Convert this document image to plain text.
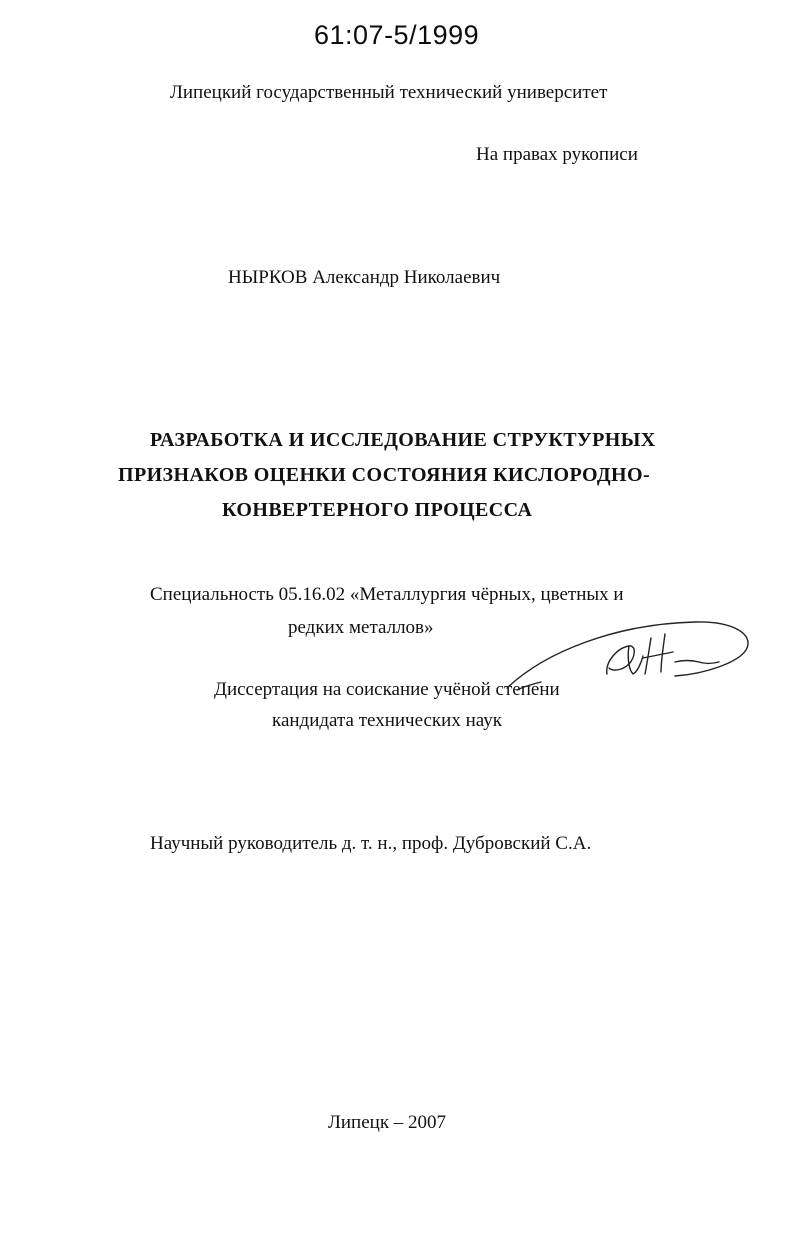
61:07-5/1999
Липецкий государственный технический университет
На правах рукописи
НЫРКОВ Александр Николаевич
РАЗРАБОТКА И ИССЛЕДОВАНИЕ СТРУКТУРНЫХ
ПРИЗНАКОВ ОЦЕНКИ СОСТОЯНИЯ КИСЛОРОДНО-
КОНВЕРТЕРНОГО ПРОЦЕССА
Специальность 05.16.02 «Металлургия чёрных, цветных и
редких металлов»
Диссертация на соискание учёной степени
кандидата технических наук
Научный руководитель д. т. н., проф. Дубровский С.А.
Липецк – 2007
